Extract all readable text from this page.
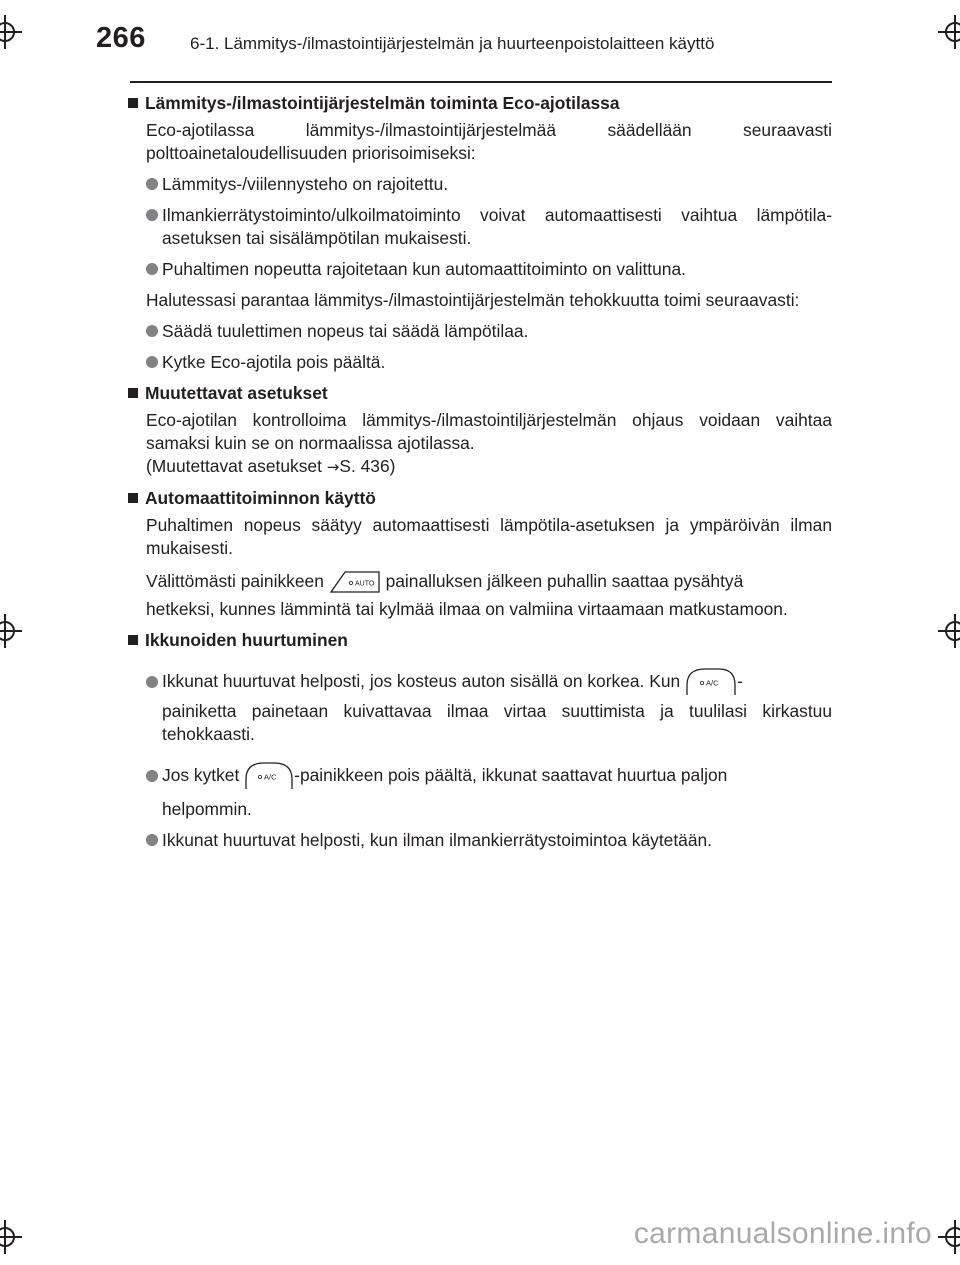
266	6-1. Lämmitys-/ilmastointijärjestelmän ja huurteenpoistolaitteen käyttö
Lämmitys-/ilmastointijärjestelmän toiminta Eco-ajotilassa

Eco-ajotilassa lämmitys-/ilmastointijärjestelmää säädellään seuraavasti polttoainetaloudellisuuden priorisoimiseksi:

Lämmitys-/viilennysteho on rajoitettu.
Ilmankierrätystoiminto/ulkoilmatoiminto voivat automaattisesti vaihtua lämpötila-asetuksen tai sisälämpötilan mukaisesti.
Puhaltimen nopeutta rajoitetaan kun automaattitoiminto on valittuna.

Halutessasi parantaa lämmitys-/ilmastointijärjestelmän tehokkuutta toimi seuraavasti:

Säädä tuulettimen nopeus tai säädä lämpötilaa.
Kytke Eco-ajotila pois päältä.
Muutettavat asetukset

Eco-ajotilan kontrolloima lämmitys-/ilmastointiljärjestelmän ohjaus voidaan vaihtaa samaksi kuin se on normaalissa ajotilassa.
(Muutettavat asetukset →S. 436)

Automaattitoiminnon käyttö

Puhaltimen nopeus säätyy automaattisesti lämpötila-asetuksen ja ympäröivän ilman mukaisesti.

Välittömästi painikkeen	AUTO painalluksen jälkeen puhallin saattaa pysähtyä

hetkeksi, kunnes lämmintä tai kylmää ilmaa on valmiina virtaamaan matkustamoon.

Ikkunoiden huurtuminen
Ikkunat huurtuvat helposti, jos kosteus auton sisällä on korkea. Kun	A/C -
painiketta painetaan kuivattavaa ilmaa virtaa suuttimista ja tuulilasi kirkastuu tehokkaasti.
Jos kytket	A/C -painikkeen pois päältä, ikkunat saattavat huurtua paljon
helpommin.
Ikkunat huurtuvat helposti, kun ilman ilmankierrätystoimintoa käytetään.
carmanualsonline.info
